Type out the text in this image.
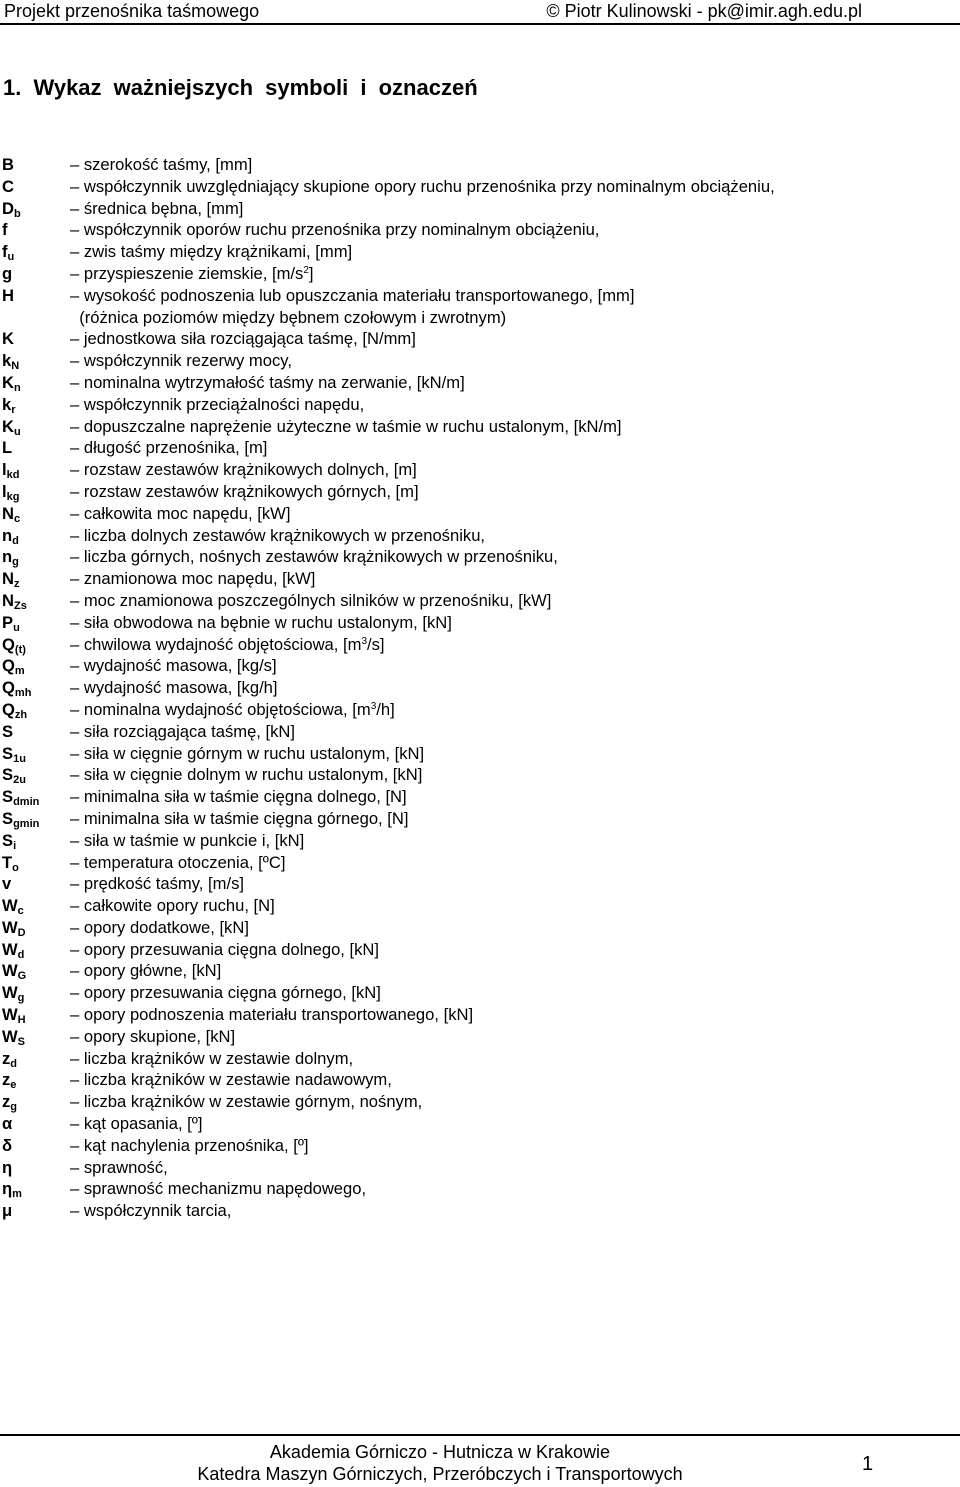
Projekt przenośnika taśmowego	© Piotr Kulinowski - pk@imir.agh.edu.pl
1. Wykaz ważniejszych symboli i oznaczeń
B	– szerokość taśmy, [mm]
C	– współczynnik uwzględniający skupione opory ruchu przenośnika przy nominalnym obciążeniu,
$D_b$	– średnica bębna, [mm]
f	– współczynnik oporów ruchu przenośnika przy nominalnym obciążeniu,
$f_u$	– zwis taśmy między krążnikami, [mm]
g	– przyspieszenie ziemskie, $[m/s^2]$
H	– wysokość podnoszenia lub opuszczania materiału transportowanego, [mm]
(różnica poziomów między bębnem czołowym i zwrotnym)
K	– jednostkowa siła rozciągająca taśmę, [N/mm]
$k_N$	– współczynnik rezerwy mocy,
$K_n$	– nominalna wytrzymałość taśmy na zerwanie, [kN/m]
$k_r$	– współczynnik przeciążalności napędu,
$K_u$	– dopuszczalne naprężenie użyteczne w taśmie w ruchu ustalonym, [kN/m]
L	– długość przenośnika, [m]
$l_{kd}$	– rozstaw zestawów krążnikowych dolnych, [m]
$l_{kg}$	– rozstaw zestawów krążnikowych górnych, [m]
$N_c$	– całkowita moc napędu, [kW]
$n_d$	– liczba dolnych zestawów krążnikowych w przenośniku,
$n_g$	– liczba górnych, nośnych zestawów krążnikowych w przenośniku,
$N_z$	– znamionowa moc napędu, [kW]
$N_{Zs}$	– moc znamionowa poszczególnych silników w przenośniku, [kW]
$P_u$	– siła obwodowa na bębnie w ruchu ustalonym, [kN]
$Q_{(t)}$	– chwilowa wydajność objętościowa, $[m^3/s]$
$Q_m$	– wydajność masowa, [kg/s]
$Q_{mh}$ – wydajność masowa, [kg/h]
$Q_{zh}$	– nominalna wydajność objętościowa, $[m^3/h]$
S	– siła rozciągająca taśmę, [kN]
$S_{1u}$	– siła w cięgnie górnym w ruchu ustalonym, [kN]
$S_{2u}$	– siła w cięgnie dolnym w ruchu ustalonym, [kN]
$S_{dmin}$ – minimalna siła w taśmie cięgna dolnego, [N]
$S_{gmin}$ – minimalna siła w taśmie cięgna górnego, [N]
$S_i$	– siła w taśmie w punkcie i, [kN]
$T_o$	– temperatura otoczenia, [ºC]
v	– prędkość taśmy, [m/s]
$W_c$	– całkowite opory ruchu, [N]
$W_D$	– opory dodatkowe, [kN]
$W_d$	– opory przesuwania cięgna dolnego, [kN]
$W_G$	– opory główne, [kN]
$W_g$	– opory przesuwania cięgna górnego, [kN]
$W_H$	– opory podnoszenia materiału transportowanego, [kN]
$W_S$	– opory skupione, [kN]
$z_d$	– liczba krążników w zestawie dolnym,
$z_e$	– liczba krążników w zestawie nadawowym,
$z_g$	– liczba krążników w zestawie górnym, nośnym,
α	– kąt opasania, [º]
δ	– kąt nachylenia przenośnika, [º]
η	– sprawność,
$\eta_m$	– sprawność mechanizmu napędowego,
μ	– współczynnik tarcia,
Akademia Górniczo - Hutnicza w Krakowie
Katedra Maszyn Górniczych, Przeróbczych i Transportowych	1
